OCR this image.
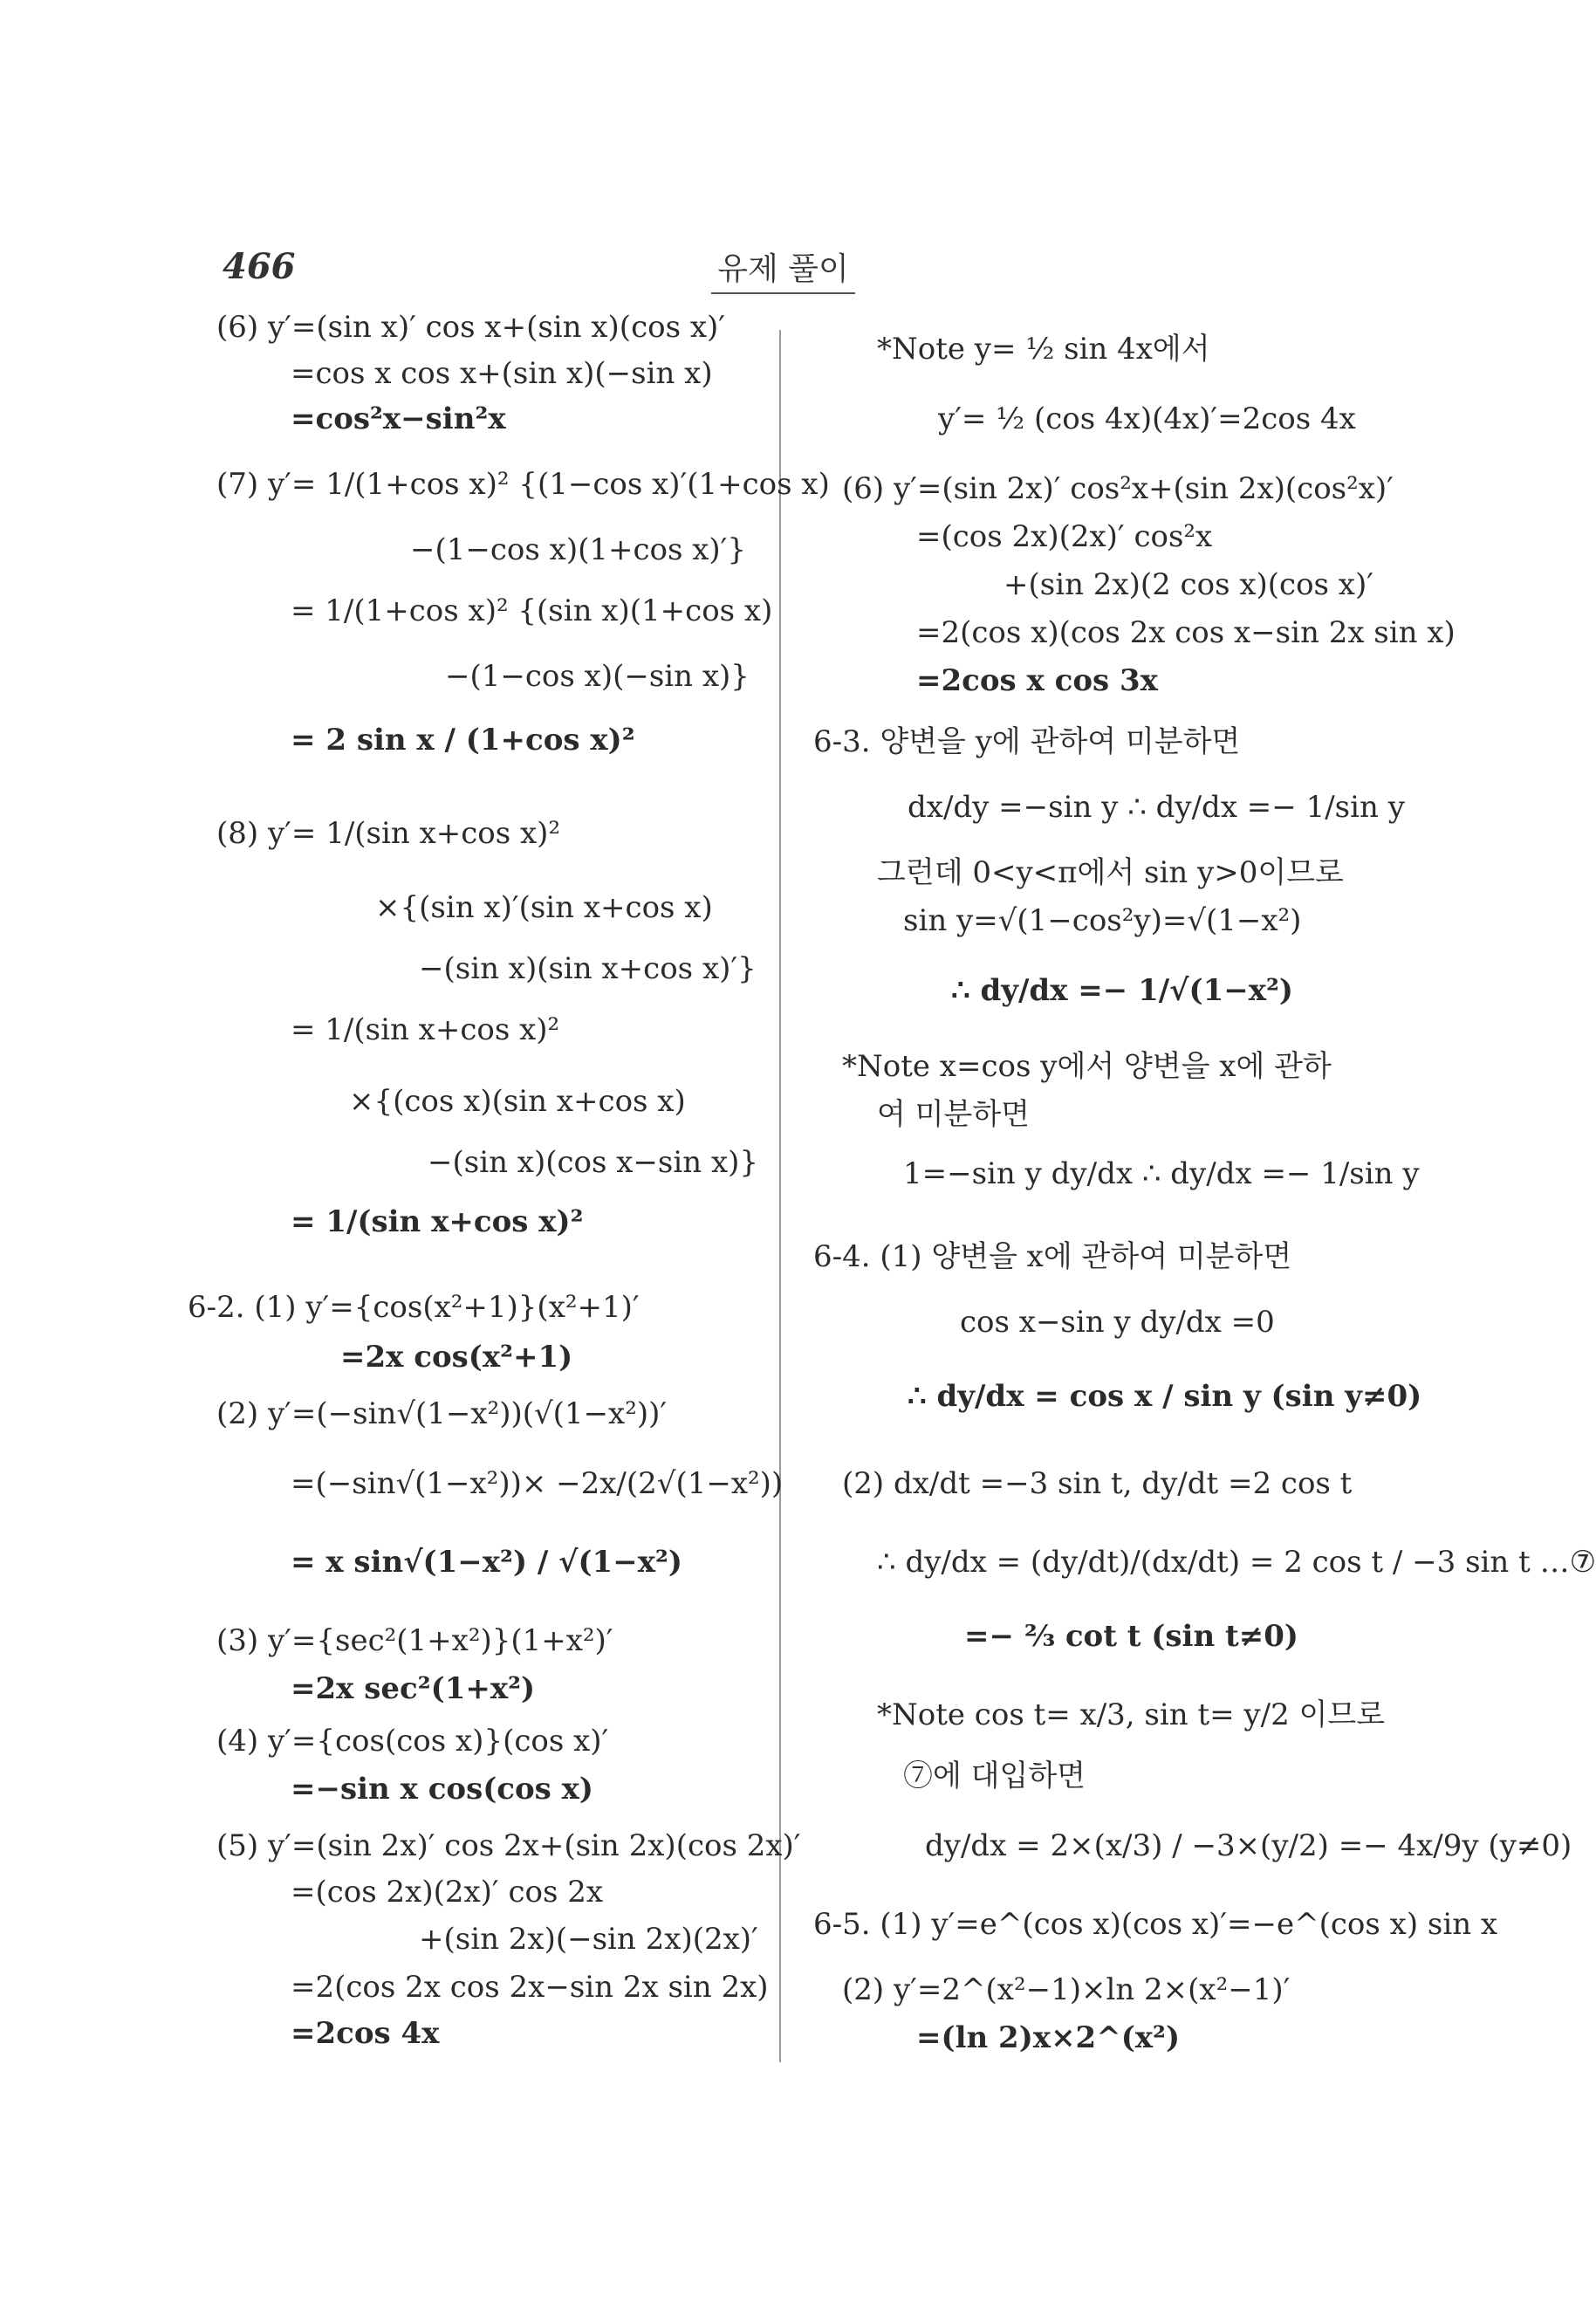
466	유제 풀이
(6) y′=(sin x)′ cos x+(sin x)(cos x)′
=cos x cos x+(sin x)(−sin x)
=cos²x−sin²x
(7) y′= 1/(1+cos x)² {(1−cos x)′(1+cos x)
−(1−cos x)(1+cos x)′}
= 1/(1+cos x)² {(sin x)(1+cos x)
−(1−cos x)(−sin x)}
= 2 sin x / (1+cos x)²
(8) y′= 1/(sin x+cos x)²
×{(sin x)′(sin x+cos x)
−(sin x)(sin x+cos x)′}
= 1/(sin x+cos x)²
×{(cos x)(sin x+cos x)
−(sin x)(cos x−sin x)}
= 1/(sin x+cos x)²
6-2. (1) y′={cos(x²+1)}(x²+1)′
=2x cos(x²+1)
(2) y′=(−sin√(1−x²))(√(1−x²))′
=(−sin√(1−x²))× −2x/(2√(1−x²))
= x sin√(1−x²) / √(1−x²)
(3) y′={sec²(1+x²)}(1+x²)′
=2x sec²(1+x²)
(4) y′={cos(cos x)}(cos x)′
=−sin x cos(cos x)
(5) y′=(sin 2x)′ cos 2x+(sin 2x)(cos 2x)′
=(cos 2x)(2x)′ cos 2x
+(sin 2x)(−sin 2x)(2x)′
=2(cos 2x cos 2x−sin 2x sin 2x)
=2cos 4x
*Note y= ½ sin 4x에서
y′= ½ (cos 4x)(4x)′=2cos 4x
(6) y′=(sin 2x)′ cos²x+(sin 2x)(cos²x)′
=(cos 2x)(2x)′ cos²x
+(sin 2x)(2 cos x)(cos x)′
=2(cos x)(cos 2x cos x−sin 2x sin x)
=2cos x cos 3x
6-3. 양변을 y에 관하여 미분하면
dx/dy =−sin y ∴ dy/dx =− 1/sin y
그런데 0<y<π에서 sin y>0이므로
sin y=√(1−cos²y)=√(1−x²)
∴ dy/dx =− 1/√(1−x²)
*Note x=cos y에서 양변을 x에 관하
여 미분하면
1=−sin y dy/dx ∴ dy/dx =− 1/sin y
6-4. (1) 양변을 x에 관하여 미분하면
cos x−sin y dy/dx =0
∴ dy/dx = cos x / sin y (sin y≠0)
(2) dx/dt =−3 sin t, dy/dt =2 cos t
∴ dy/dx = (dy/dt)/(dx/dt) = 2 cos t / −3 sin t …⑦
=− ⅔ cot t (sin t≠0)
*Note cos t= x/3, sin t= y/2 이므로
⑦에 대입하면
dy/dx = 2×(x/3) / −3×(y/2) =− 4x/9y (y≠0)
6-5. (1) y′=e^(cos x)(cos x)′=−e^(cos x) sin x
(2) y′=2^(x²−1)×ln 2×(x²−1)′
=(ln 2)x×2^(x²)
